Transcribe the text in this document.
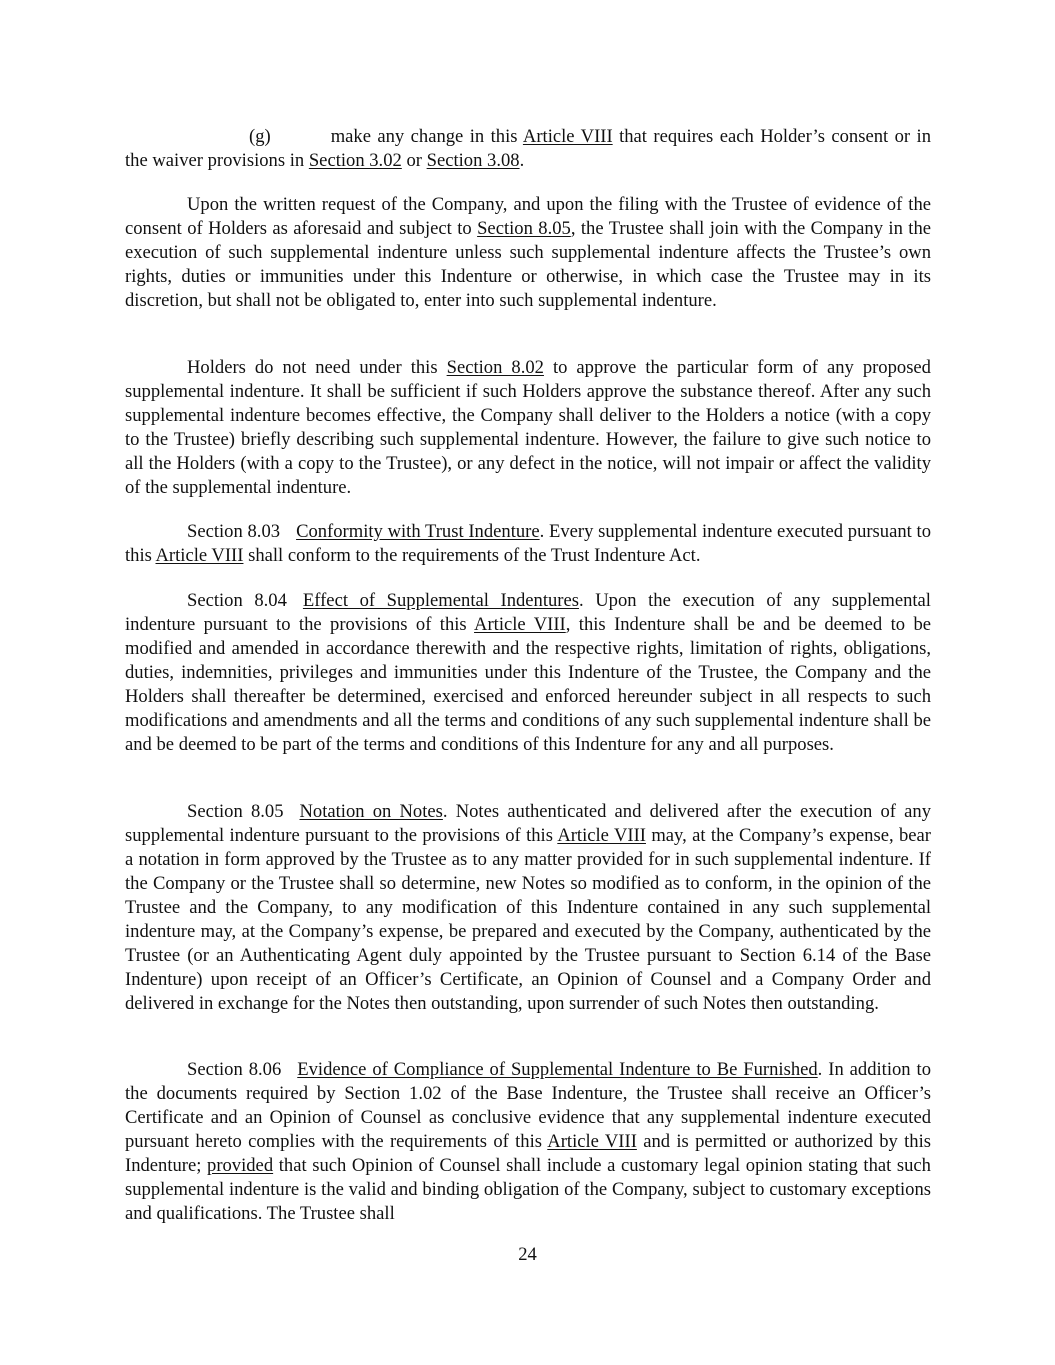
(g)	make any change in this Article VIII that requires each Holder’s consent or in the waiver provisions in Section 3.02 or Section 3.08.

Upon the written request of the Company, and upon the filing with the Trustee of evidence of the consent of Holders as aforesaid and subject to Section 8.05, the Trustee shall join with the Company in the execution of such supplemental indenture unless such supplemental indenture affects the Trustee’s own rights, duties or immunities under this Indenture or otherwise, in which case the Trustee may in its discretion, but shall not be obligated to, enter into such supplemental indenture.

Holders do not need under this Section 8.02 to approve the particular form of any proposed supplemental indenture. It shall be sufficient if such Holders approve the substance thereof. After any such supplemental indenture becomes effective, the Company shall deliver to the Holders a notice (with a copy to the Trustee) briefly describing such supplemental indenture. However, the failure to give such notice to all the Holders (with a copy to the Trustee), or any defect in the notice, will not impair or affect the validity of the supplemental indenture.

Section 8.03 Conformity with Trust Indenture. Every supplemental indenture executed pursuant to this Article VIII shall conform to the requirements of the Trust Indenture Act.

Section 8.04 Effect of Supplemental Indentures. Upon the execution of any supplemental indenture pursuant to the provisions of this Article VIII, this Indenture shall be and be deemed to be modified and amended in accordance therewith and the respective rights, limitation of rights, obligations, duties, indemnities, privileges and immunities under this Indenture of the Trustee, the Company and the Holders shall thereafter be determined, exercised and enforced hereunder subject in all respects to such modifications and amendments and all the terms and conditions of any such supplemental indenture shall be and be deemed to be part of the terms and conditions of this Indenture for any and all purposes.

Section 8.05 Notation on Notes. Notes authenticated and delivered after the execution of any supplemental indenture pursuant to the provisions of this Article VIII may, at the Company’s expense, bear a notation in form approved by the Trustee as to any matter provided for in such supplemental indenture. If the Company or the Trustee shall so determine, new Notes so modified as to conform, in the opinion of the Trustee and the Company, to any modification of this Indenture contained in any such supplemental indenture may, at the Company’s expense, be prepared and executed by the Company, authenticated by the Trustee (or an Authenticating Agent duly appointed by the Trustee pursuant to Section 6.14 of the Base Indenture) upon receipt of an Officer’s Certificate, an Opinion of Counsel and a Company Order and delivered in exchange for the Notes then outstanding, upon surrender of such Notes then outstanding.

Section 8.06 Evidence of Compliance of Supplemental Indenture to Be Furnished. In addition to the documents required by Section 1.02 of the Base Indenture, the Trustee shall receive an Officer’s Certificate and an Opinion of Counsel as conclusive evidence that any supplemental indenture executed pursuant hereto complies with the requirements of this Article VIII and is permitted or authorized by this Indenture; provided that such Opinion of Counsel shall include a customary legal opinion stating that such supplemental indenture is the valid and binding obligation of the Company, subject to customary exceptions and qualifications. The Trustee shall

24
